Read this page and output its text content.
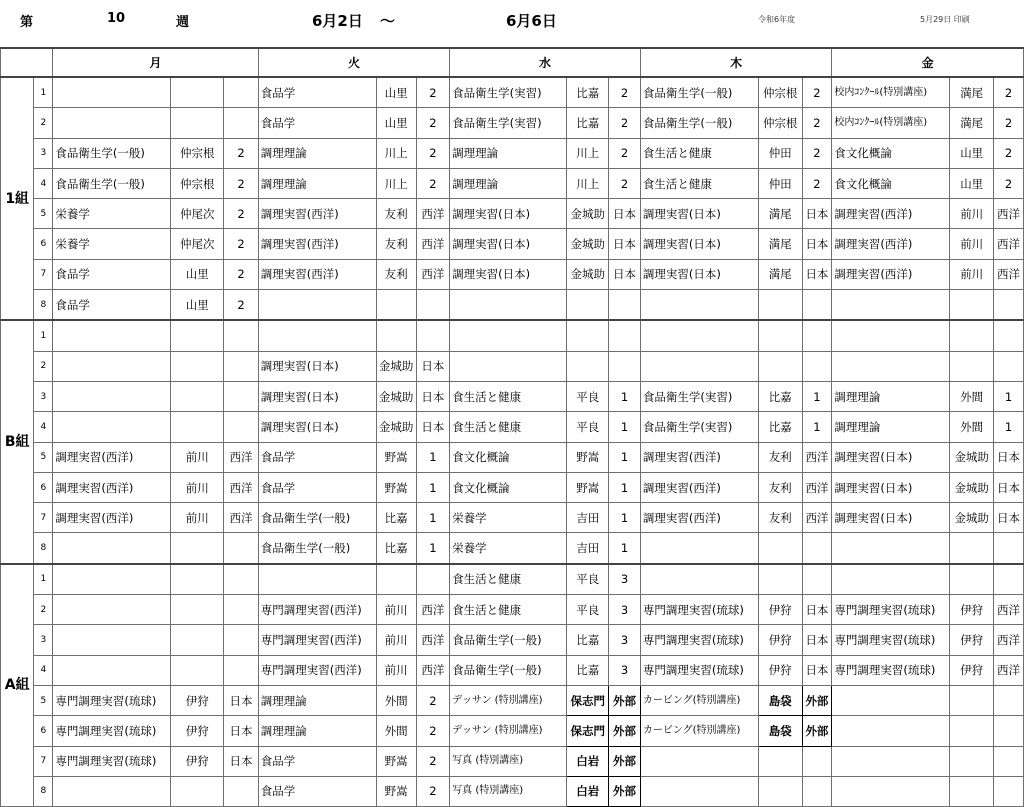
第	10	週	6月2日 〜	6月6日	令和6年度	5月29日 印刷
		月			火			水			木			金		
1組	1				食品学	山里	2	食品衛生学(実習)	比嘉	2	食品衛生学(一般)	仲宗根	2	校内ｺﾝｸｰﾙ(特別講座)	満尾	2
	2				食品学	山里	2	食品衛生学(実習)	比嘉	2	食品衛生学(一般)	仲宗根	2	校内ｺﾝｸｰﾙ(特別講座)	満尾	2
	3	食品衛生学(一般)	仲宗根	2	調理理論	川上	2	調理理論	川上	2	食生活と健康	仲田	2	食文化概論	山里	2
	4	食品衛生学(一般)	仲宗根	2	調理理論	川上	2	調理理論	川上	2	食生活と健康	仲田	2	食文化概論	山里	2
	5	栄養学	仲尾次	2	調理実習(西洋)	友利	西洋	調理実習(日本)	金城助	日本	調理実習(日本)	満尾	日本	調理実習(西洋)	前川	西洋
	6	栄養学	仲尾次	2	調理実習(西洋)	友利	西洋	調理実習(日本)	金城助	日本	調理実習(日本)	満尾	日本	調理実習(西洋)	前川	西洋
	7	食品学	山里	2	調理実習(西洋)	友利	西洋	調理実習(日本)	金城助	日本	調理実習(日本)	満尾	日本	調理実習(西洋)	前川	西洋
	8	食品学	山里	2												
B組	1															
	2				調理実習(日本)	金城助	日本									
	3				調理実習(日本)	金城助	日本	食生活と健康	平良	1	食品衛生学(実習)	比嘉	1	調理理論	外間	1
	4				調理実習(日本)	金城助	日本	食生活と健康	平良	1	食品衛生学(実習)	比嘉	1	調理理論	外間	1
	5	調理実習(西洋)	前川	西洋	食品学	野嵩	1	食文化概論	野嵩	1	調理実習(西洋)	友利	西洋	調理実習(日本)	金城助	日本
	6	調理実習(西洋)	前川	西洋	食品学	野嵩	1	食文化概論	野嵩	1	調理実習(西洋)	友利	西洋	調理実習(日本)	金城助	日本
	7	調理実習(西洋)	前川	西洋	食品衛生学(一般)	比嘉	1	栄養学	吉田	1	調理実習(西洋)	友利	西洋	調理実習(日本)	金城助	日本
	8				食品衛生学(一般)	比嘉	1	栄養学	吉田	1						
A組	1							食生活と健康	平良	3						
	2				専門調理実習(西洋)	前川	西洋	食生活と健康	平良	3	専門調理実習(琉球)	伊狩	日本	専門調理実習(琉球)	伊狩	西洋
	3				専門調理実習(西洋)	前川	西洋	食品衛生学(一般)	比嘉	3	専門調理実習(琉球)	伊狩	日本	専門調理実習(琉球)	伊狩	西洋
	4				専門調理実習(西洋)	前川	西洋	食品衛生学(一般)	比嘉	3	専門調理実習(琉球)	伊狩	日本	専門調理実習(琉球)	伊狩	西洋
	5	専門調理実習(琉球)	伊狩	日本	調理理論	外間	2	デッサン (特別講座)	保志門	外部	カービング(特別講座)	島袋	外部			
	6	専門調理実習(琉球)	伊狩	日本	調理理論	外間	2	デッサン (特別講座)	保志門	外部	カービング(特別講座)	島袋	外部			
	7	専門調理実習(琉球)	伊狩	日本	食品学	野嵩	2	写真 (特別講座)	白岩	外部						
	8				食品学	野嵩	2	写真 (特別講座)	白岩	外部						
